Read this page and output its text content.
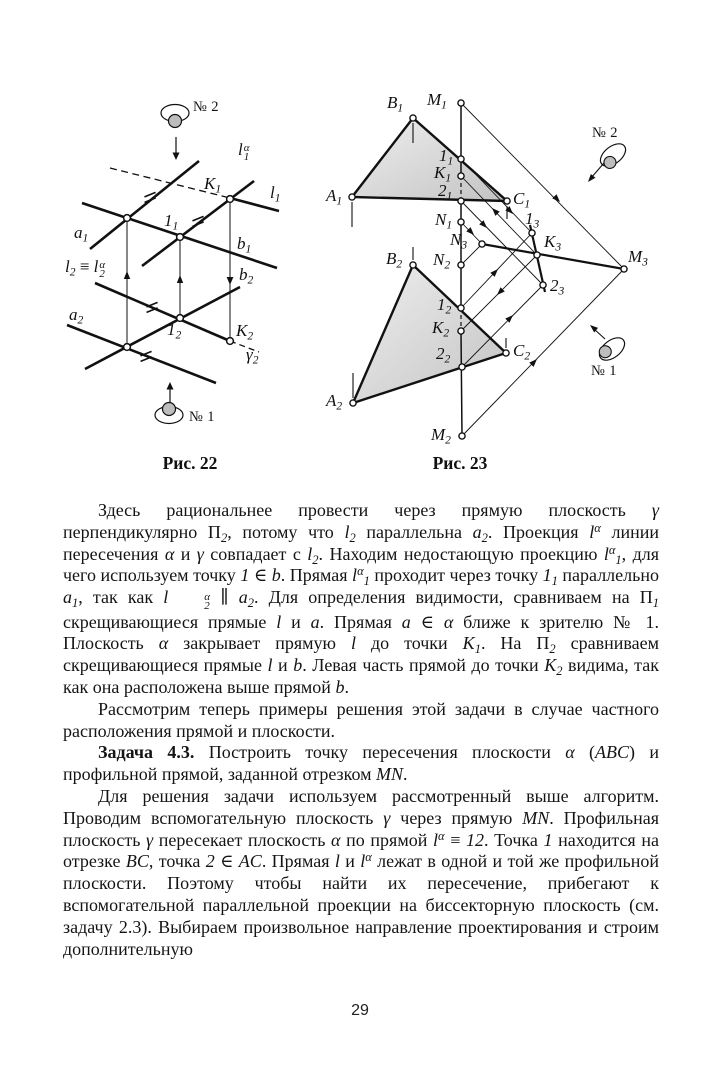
№ 2
l α
1
$K_1$	$l_1$
$1_1$
$a_1$	$b_1$
$l_2 \equiv l$ α
2	$b_2$
$a_2$	$1_2$	$K_2$
$\gamma_2$
№ 1
$B_1$ $M_1$
№ 2
$1_1$
$K_1$
$2_1$
$A_1$	$C_1$
$N_1$	$1_3$
$N_3$	$K_3$	$M_3$
$B_2$ $N_2$
$2_3$
$1_2$
$K_2$
$2_2$	$C_2$
$A_2$
$M_2$
№ 1
Рис. 22	Рис. 23

Здесь рациональнее провести через прямую плоскость γ перпендикулярно $П_2$, потому что $l_2$ параллельна $a_2$. Проекция $l^\alpha$ линии пересечения α и γ совпадает с $l_2$. Находим недостающую проекцию $l^\alpha_1$, для чего используем точку 1 ∈ b. Прямая $l^\alpha_1$ проходит через точку $1_1$ параллельно $a_1$, так как l	α
2 ∥ $a_2$. Для определения видимости, сравниваем на $П_1$ скрещивающиеся прямые l и a. Прямая a ∈ α ближе к зрителю № 1. Плоскость α закрывает прямую l до точки $K_1$. На $П_2$ сравниваем скрещивающиеся прямые l и b. Левая часть прямой до точки $K_2$ видима, так как она расположена выше прямой b.

Рассмотрим теперь примеры решения этой задачи в случае частного расположения прямой и плоскости.

Задача 4.3. Построить точку пересечения плоскости α (ABC) и профильной прямой, заданной отрезком MN.

Для решения задачи используем рассмотренный выше алгоритм. Проводим вспомогательную плоскость γ через прямую MN. Профильная плоскость γ пересекает плоскость α по прямой $l^\alpha \equiv 12$. Точка 1 находится на отрезке BC, точка 2 ∈ AC. Прямая l и $l^\alpha$ лежат в одной и той же профильной плоскости. Поэтому чтобы найти их пересечение, прибегают к вспомогательной параллельной проекции на биссекторную плоскость (см. задачу 2.3). Выбираем произвольное направление проектирования и строим дополнительную

29
